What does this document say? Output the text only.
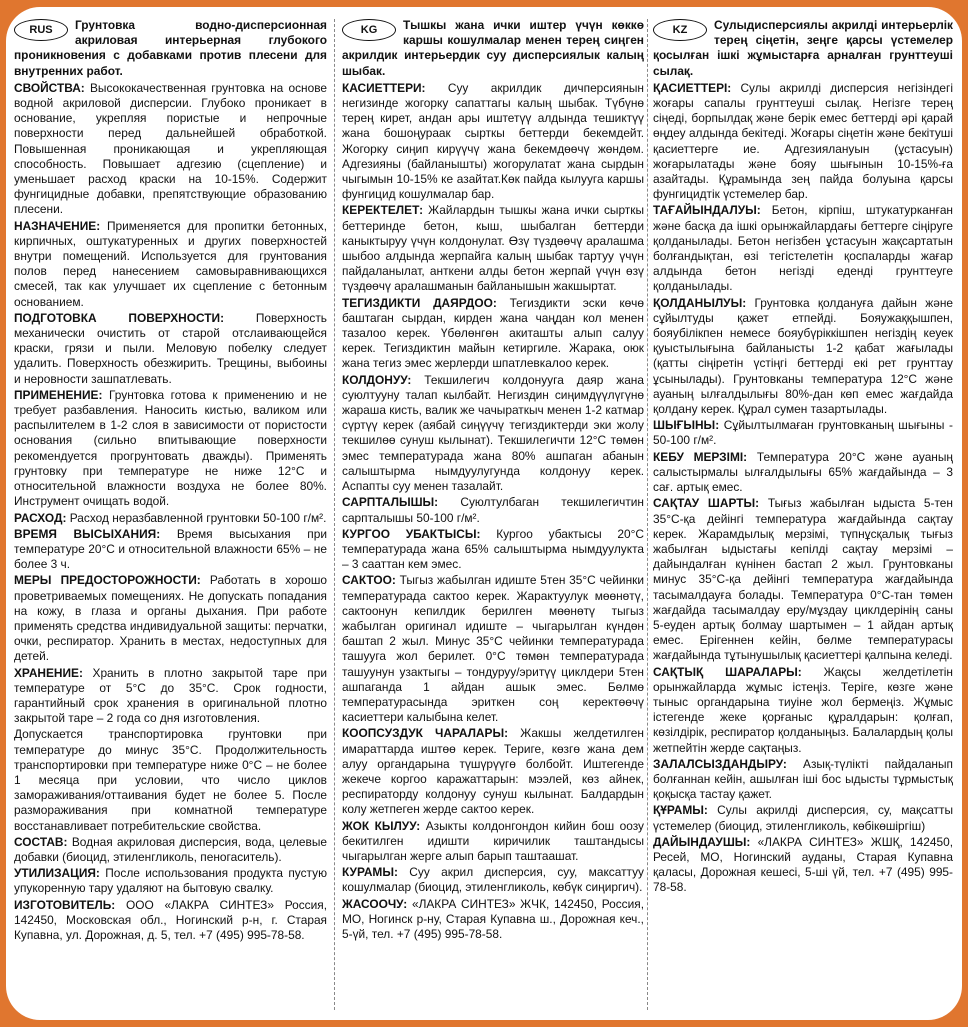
RUS	Грунтовка водно-дисперсионная акриловая интерьерная глубокого проникновения с добавками против плесени для внутренних работ.

СВОЙСТВА: Высококачественная грунтовка на основе водной акриловой дисперсии. Глубоко проникает в основание, укрепляя пористые и непрочные поверхности перед дальнейшей обработкой. Повышенная проникающая и укрепляющая способность. Повышает адгезию (сцепление) и уменьшает расход краски на 10-15%. Содержит фунгицидные добавки, препятствующие образованию плесени.

НАЗНАЧЕНИЕ: Применяется для пропитки бетонных, кирпичных, оштукатуренных и других поверхностей внутри помещений. Используется для грунтования полов перед нанесением самовыравнивающихся смесей, так как улучшает их сцепление с бетонным основанием.

ПОДГОТОВКА ПОВЕРХНОСТИ: Поверхность механически очистить от старой отслаивающейся краски, грязи и пыли. Меловую побелку следует удалить. Поверхность обезжирить. Трещины, выбоины и неровности зашпатлевать.

ПРИМЕНЕНИЕ: Грунтовка готова к применению и не требует разбавления. Наносить кистью, валиком или распылителем в 1-2 слоя в зависимости от пористости основания (сильно впитывающие поверхности рекомендуется прогрунтовать дважды). Применять грунтовку при температуре не ниже 12°С и относительной влажности воздуха не более 80%. Инструмент очищать водой.

РАСХОД: Расход неразбавленной грунтовки 50-100 г/м².

ВРЕМЯ ВЫСЫХАНИЯ: Время высыхания при температуре 20°С и относительной влажности 65% – не более 3 ч.

МЕРЫ ПРЕДОСТОРОЖНОСТИ: Работать в хорошо проветриваемых помещениях. Не допускать попадания на кожу, в глаза и органы дыхания. При работе применять средства индивидуальной защиты: перчатки, очки, респиратор. Хранить в местах, недоступных для детей.

ХРАНЕНИЕ: Хранить в плотно закрытой таре при температуре от 5°С до 35°С. Срок годности, гарантийный срок хранения в оригинальной плотно закрытой таре – 2 года со дня изготовления.

Допускается транспортировка грунтовки при температуре до минус 35°С. Продолжительность транспортировки при температуре ниже 0°С – не более 1 месяца при условии, что число циклов замораживания/оттаивания будет не более 5. После размораживания при комнатной температуре восстанавливает потребительские свойства.

СОСТАВ: Водная акриловая дисперсия, вода, целевые добавки (биоцид, этиленгликоль, пеногаситель).

УТИЛИЗАЦИЯ: После использования продукта пустую упукоренную тару удаляют на бытовую свалку.

ИЗГОТОВИТЕЛЬ: ООО «ЛАКРА СИНТЕЗ» Россия, 142450, Московская обл., Ногинский р-н, г. Старая Купавна, ул. Дорожная, д. 5, тел. +7 (495) 995-78-58.

KG	Тышкы жана ички иштер үчүн көккө каршы кошулмалар менен терең сиңген акрилдик интерьердик суу дисперсиялык калың шыбак.

КАСИЕТТЕРИ: Суу акрилдик дичперсиянын негизинде жогорку сапаттагы калың шыбак. Түбүнө терең кирет, андан ары иштетүү алдында тешиктүү жана бошоңураак сырткы беттерди бекемдейт. Жогорку сиңип кирүүчү жана бекемдөөчү жөндөм. Адгезияны (байланышты) жогорулатат жана сырдын чыгымын 10-15% ке азайтат.Көк пайда кылууга каршы фунгицид кошулмалар бар.

КЕРЕКТЕЛЕТ: Жайлардын тышкы жана ички сырткы беттеринде бетон, кыш, шыбалган беттерди каныктыруу үчүн колдонулат. Өзү түздөөчү аралашма шыбоо алдында жерпайга калың шыбак тартуу үчүн пайдаланылат, анткени алды бетон жерпай үчүн өзү түздөөчү аралашманын байланышын жакшыртат.

ТЕГИЗДИКТИ ДАЯРДОО: Тегиздикти эски көчө баштаган сырдан, кирден жана чаңдан кол менен тазалоо керек. Үбөлөнгөн акиташты алып салуу керек. Тегиздиктин майын кетиргиле. Жарака, оюк жана тегиз эмес жерлерди шпатлевкалоо керек.

КОЛДОНУУ: Текшилегич колдонууга даяр жана суюлтууну талап кылбайт. Негиздин сиңимдүүлүгүнө жараша кисть, валик же чачыраткыч менен 1-2 катмар сүртүү керек (аябай сиңүүчү тегиздиктерди эки жолу текшилөө сунуш кылынат). Текшилегичти 12°С төмөн эмес температурада жана 80% ашпаган абанын салыштырма нымдуулугунда колдонуу керек. Аспапты суу менен тазалайт.

САРПТАЛЫШЫ: Суюлтулбаган текшилегичтин сарпталышы 50-100 г/м².

КУРГОО УБАКТЫСЫ: Кургоо убактысы 20°С температурада жана 65% салыштырма нымдуулукта – 3 сааттан кем эмес.

САКТОО: Тыгыз жабылган идиште 5тен 35°С чейинки температурада сактоо керек. Жарактуулук мөөнөтү, сактоонун кепилдик берилген мөөнөтү тыгыз жабылган оригинал идиште – чыгарылган күндөн баштап 2 жыл. Минус 35°С чейинки температурада ташууга жол берилет. 0°С төмөн температурада ташуунун узактыгы – тондуруу/эритүү циклдери 5тен ашпаганда 1 айдан ашык эмес. Бөлмө температурасында эриткен соң керектөөчү касиеттери калыбына келет.

КООПСУЗДУК ЧАРАЛАРЫ: Жакшы желдетилген имараттарда иштөө керек. Териге, көзгө жана дем алуу органдарына түшүрүүгө болбойт. Иштегенде жекече коргоо каражаттарын: мээлей, көз айнек, респираторду колдонуу сунуш кылынат. Балдардын колу жетпеген жерде сактоо керек.

ЖОК КЫЛУУ: Азыкты колдонгондон кийин бош оозу бекитилген идишти киричилик таштандысы чыгарылган жерге алып барып таштаашат.

КУРАМЫ: Суу акрил дисперсия, суу, максаттуу кошулмалар (биоцид, этиленгликоль, көбүк сиңиргич).

ЖАСООЧУ: «ЛАКРА СИНТЕЗ» ЖЧК, 142450, Россия, МО, Ногинск р-ну, Старая Купавна ш., Дорожная кеч., 5-үй, тел. +7 (495) 995-78-58.

KZ	Сулыдисперсиялы акрилді интерьерлік терең сіңетін, зеңге қарсы үстемелер қосылған ішкі жұмыстарға арналған грунттеуші сылақ.

ҚАСИЕТТЕРІ: Сулы акрилді дисперсия негізіндегі жоғары сапалы грунттеуші сылақ. Негізге терең сіңеді, борпылдақ және берік емес беттерді әрі қарай өңдеу алдында бекітеді. Жоғары сіңетін және бекітуші қасиеттерге ие. Адгезиялануын (ұстасуын) жоғарылатады және бояу шығынын 10-15%-ға азайтады. Құрамында зең пайда болуына қарсы фунгицидтік үстемелер бар.

ТАҒАЙЫНДАЛУЫ: Бетон, кірпіш, штукатурканған және басқа да ішкі орынжайлардағы беттерге сіңіруге қолданылады. Бетон негізбен ұстасуын жақсартатын болғандықтан, өзі тегістелетін қоспаларды жағар алдында бетон негізді едендi грунттеуге қолданылады.

ҚОЛДАНЫЛУЫ: Грунтовка қолдануға дайын және сұйылтуды қажет етпейді. Бояужаққышпен, бояубілікпен немесе бояубүріккішпен негіздің кеуек қуыстылығына байланысты 1-2 қабат жағылады (қатты сіңіретін үстіңгі беттерді екі рет грунттау ұсынылады). Грунтовканы температура 12°С және ауаның ылғалдылығы 80%-дан көп емес жағдайда қолдану керек. Құрал сумен тазартылады.

ШЫҒЫНЫ: Сұйылтылмаған грунтовканың шығыны - 50-100 г/м².

КЕБУ МЕРЗІМІ: Температура 20°С және ауаның салыстырмалы ылғалдылығы 65% жағдайында – 3 сағ. артық емес.

САҚТАУ ШАРТЫ: Тығыз жабылған ыдыста 5-тен 35°С-қа дейінгі температура жағдайында сақтау керек. Жарамдылық мерзімі, түпнұсқалық тығыз жабылған ыдыстағы кепілді сақтау мерзімі – дайындалған күнінен бастап 2 жыл. Грунтовканы минус 35°С-қа дейінгі температура жағдайында тасымалдауға болады. Температура 0°С-тан төмен жағдайда тасымалдау еру/мұздау циклдерінің саны 5-еуден артық болмау шартымен – 1 айдан артық емес. Ерігеннен кейін, бөлме температурасы жағдайында тұтынушылық қасиеттері қалпына келеді.

САҚТЫҚ ШАРАЛАРЫ: Жақсы желдетілетін орынжайларда жұмыс істеңіз. Теріге, көзге және тыныс органдарына тиуіне жол бермеңіз. Жұмыс істегенде жеке қорғаныс құралдарын: қолғап, көзілдірік, респиратор қолданыңыз. Балалардың қолы жетпейтін жерде сақтаңыз.

ЗАЛАЛСЫЗДАНДЫРУ: Азық-түлікті пайдаланып болғаннан кейін, ашылған іші бос ыдысты тұрмыстық қоқысқа тастау қажет.

ҚҰРАМЫ: Сулы акрилді дисперсия, су, мақсатты үстемелер (биоцид, этиленгликоль, көбікөшіргіш)

ДАЙЫНДАУШЫ: «ЛАКРА СИНТЕЗ» ЖШҚ, 142450, Ресей, МО, Ногинский ауданы, Старая Купавна қаласы, Дорожная кешесі, 5-ші үй, тел. +7 (495) 995-78-58.
